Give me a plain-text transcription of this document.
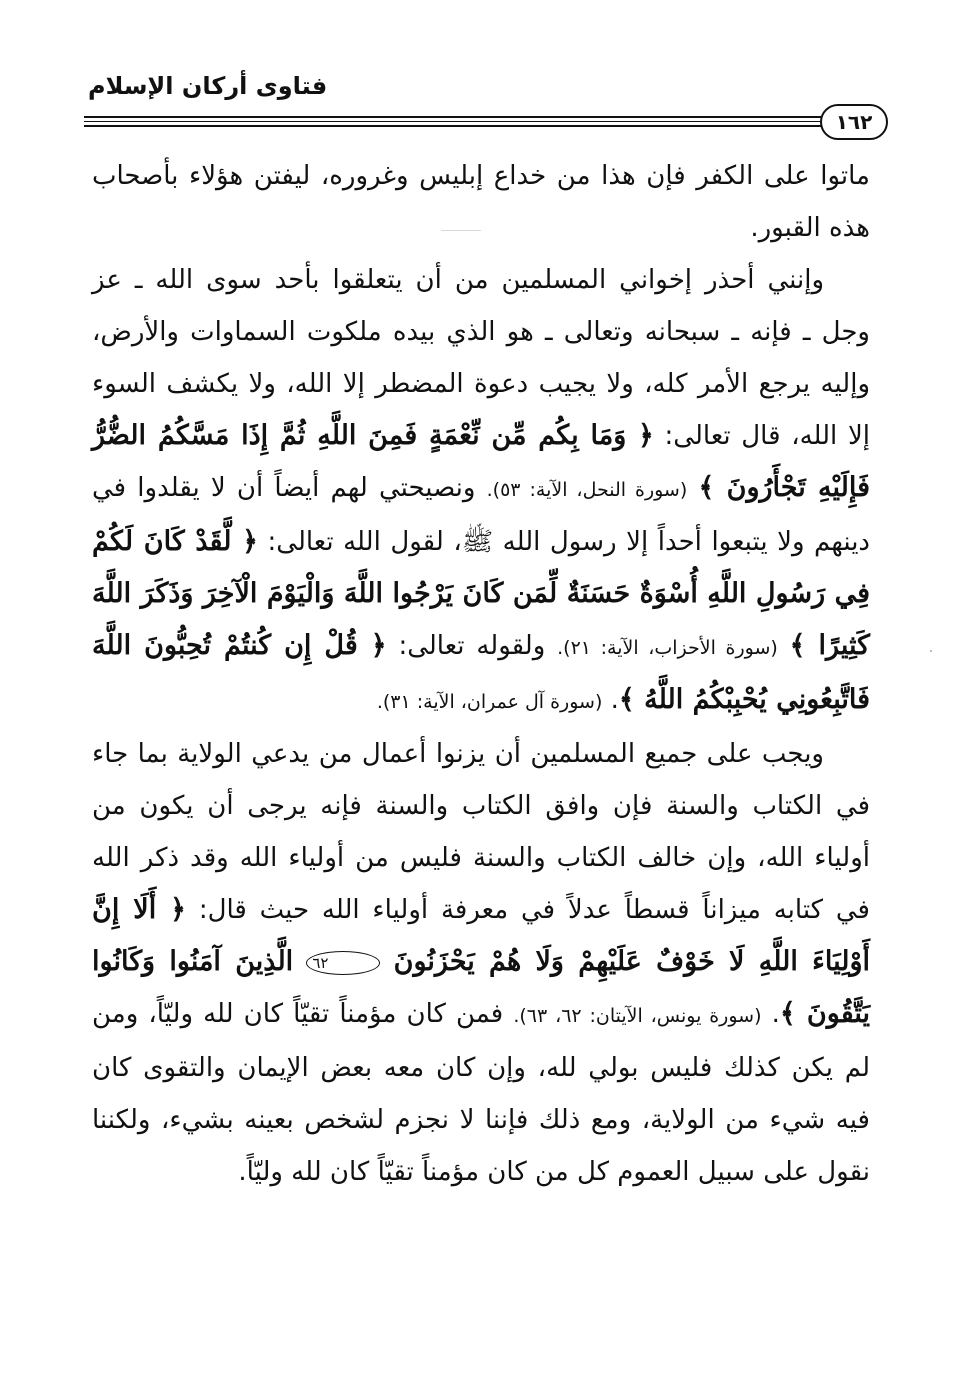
فتاوى أركان الإسلام
١٦٢

ماتوا على الكفر فإن هذا من خداع إبليس وغروره، ليفتن هؤلاء بأصحاب هذه القبور.

وإنني أحذر إخواني المسلمين من أن يتعلقوا بأحد سوى الله ـ عز وجل ـ فإنه ـ سبحانه وتعالى ـ هو الذي بيده ملكوت السماوات والأرض، وإليه يرجع الأمر كله، ولا يجيب دعوة المضطر إلا الله، ولا يكشف السوء إلا الله، قال تعالى: ﴿ وَمَا بِكُم مِّن نِّعْمَةٍ فَمِنَ اللَّهِ ثُمَّ إِذَا مَسَّكُمُ الضُّرُّ فَإِلَيْهِ تَجْأَرُونَ ﴾ (سورة النحل، الآية: ٥٣). ونصيحتي لهم أيضاً أن لا يقلدوا في دينهم ولا يتبعوا أحداً إلا رسول الله ﷺ، لقول الله تعالى: ﴿ لَّقَدْ كَانَ لَكُمْ فِي رَسُولِ اللَّهِ أُسْوَةٌ حَسَنَةٌ لِّمَن كَانَ يَرْجُوا اللَّهَ وَالْيَوْمَ الْآخِرَ وَذَكَرَ اللَّهَ كَثِيرًا ﴾ (سورة الأحزاب، الآية: ٢١). ولقوله تعالى: ﴿ قُلْ إِن كُنتُمْ تُحِبُّونَ اللَّهَ فَاتَّبِعُونِي يُحْبِبْكُمُ اللَّهُ ﴾. (سورة آل عمران، الآية: ٣١).

ويجب على جميع المسلمين أن يزنوا أعمال من يدعي الولاية بما جاء في الكتاب والسنة فإن وافق الكتاب والسنة فإنه يرجى أن يكون من أولياء الله، وإن خالف الكتاب والسنة فليس من أولياء الله وقد ذكر الله في كتابه ميزاناً قسطاً عدلاً في معرفة أولياء الله حيث قال: ﴿ أَلَا إِنَّ أَوْلِيَاءَ اللَّهِ لَا خَوْفٌ عَلَيْهِمْ وَلَا هُمْ يَحْزَنُونَ ٦٢ الَّذِينَ آمَنُوا وَكَانُوا يَتَّقُونَ ﴾. (سورة يونس، الآيتان: ٦٢، ٦٣). فمن كان مؤمناً تقيّاً كان لله وليّاً، ومن لم يكن كذلك فليس بولي لله، وإن كان معه بعض الإيمان والتقوى كان فيه شيء من الولاية، ومع ذلك فإننا لا نجزم لشخص بعينه بشيء، ولكننا نقول على سبيل العموم كل من كان مؤمناً تقيّاً كان لله وليّاً.
